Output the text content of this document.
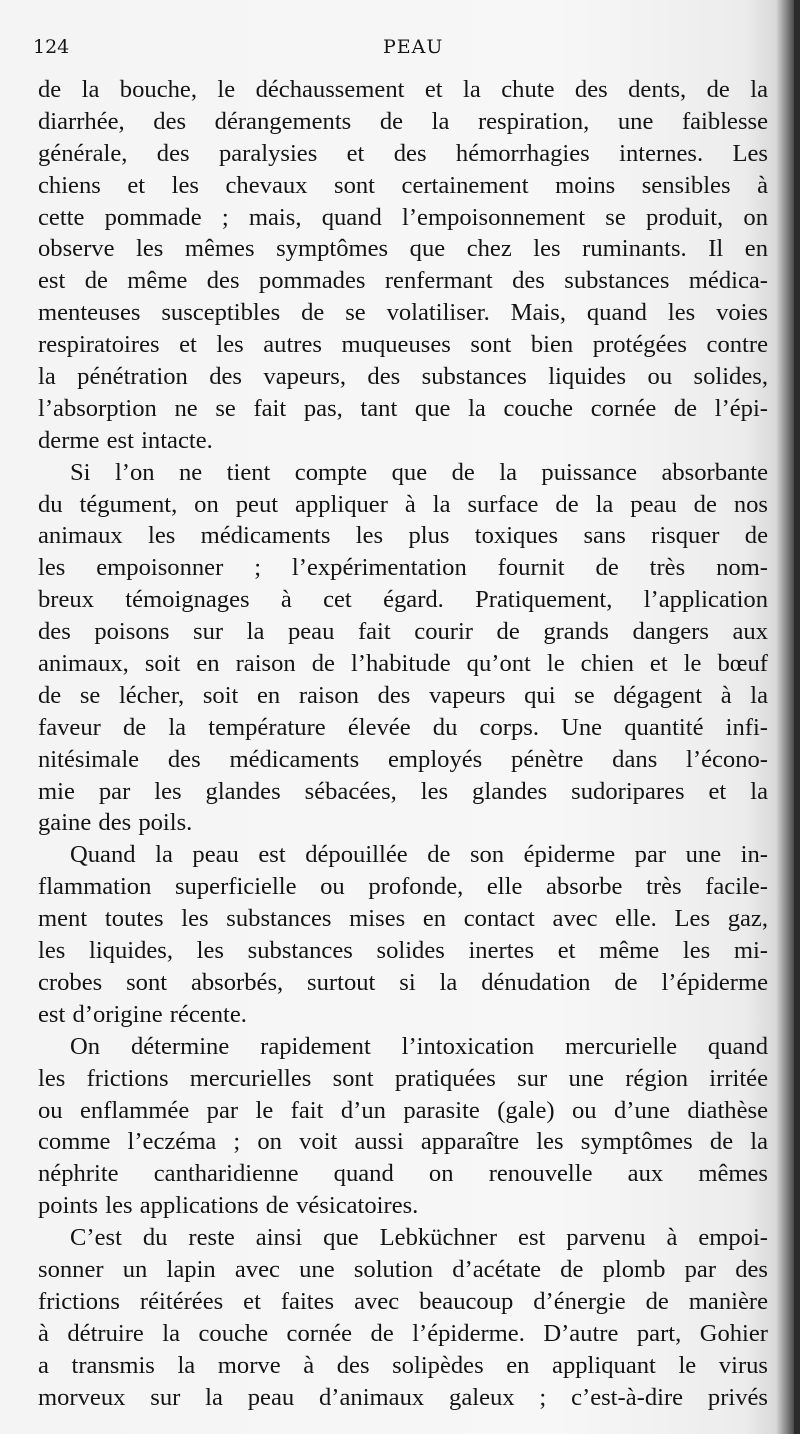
124	PEAU
de la bouche, le déchaussement et la chute des dents, de la
diarrhée, des dérangements de la respiration, une faiblesse
générale, des paralysies et des hémorrhagies internes. Les
chiens et les chevaux sont certainement moins sensibles à
cette pommade ; mais, quand l’empoisonnement se produit, on
observe les mêmes symptômes que chez les ruminants. Il en
est de même des pommades renfermant des substances médica-
menteuses susceptibles de se volatiliser. Mais, quand les voies
respiratoires et les autres muqueuses sont bien protégées contre
la pénétration des vapeurs, des substances liquides ou solides,
l’absorption ne se fait pas, tant que la couche cornée de l’épi-
derme est intacte.
Si l’on ne tient compte que de la puissance absorbante
du tégument, on peut appliquer à la surface de la peau de nos
animaux les médicaments les plus toxiques sans risquer de
les empoisonner ; l’expérimentation fournit de très nom-
breux témoignages à cet égard. Pratiquement, l’application
des poisons sur la peau fait courir de grands dangers aux
animaux, soit en raison de l’habitude qu’ont le chien et le bœuf
de se lécher, soit en raison des vapeurs qui se dégagent à la
faveur de la température élevée du corps. Une quantité infi-
nitésimale des médicaments employés pénètre dans l’écono-
mie par les glandes sébacées, les glandes sudoripares et la
gaine des poils.
Quand la peau est dépouillée de son épiderme par une in-
flammation superficielle ou profonde, elle absorbe très facile-
ment toutes les substances mises en contact avec elle. Les gaz,
les liquides, les substances solides inertes et même les mi-
crobes sont absorbés, surtout si la dénudation de l’épiderme
est d’origine récente.
On détermine rapidement l’intoxication mercurielle quand
les frictions mercurielles sont pratiquées sur une région irritée
ou enflammée par le fait d’un parasite (gale) ou d’une diathèse
comme l’eczéma ; on voit aussi apparaître les symptômes de la
néphrite cantharidienne quand on renouvelle aux mêmes
points les applications de vésicatoires.
C’est du reste ainsi que Lebküchner est parvenu à empoi-
sonner un lapin avec une solution d’acétate de plomb par des
frictions réitérées et faites avec beaucoup d’énergie de manière
à détruire la couche cornée de l’épiderme. D’autre part, Gohier
a transmis la morve à des solipèdes en appliquant le virus
morveux sur la peau d’animaux galeux ; c’est-à-dire privés
